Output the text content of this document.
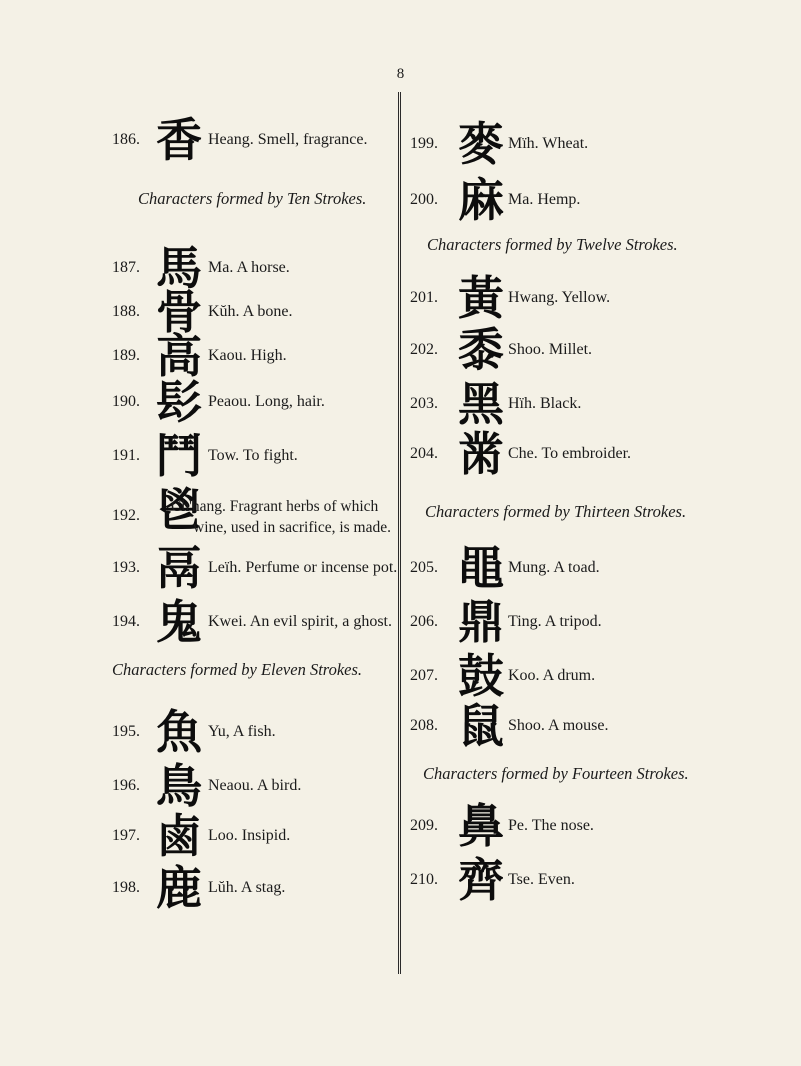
8
186. 香 Heang. Smell, fragrance.
Characters formed by Ten Strokes.
187. 馬 Ma. A horse.
188. 骨 Kŭh. A bone.
189. 高 Kaou. High.
190. 髟 Peaou. Long, hair.
191. 鬥 Tow. To fight.
192. 鬯
Ch'hang. Fragrant herbs of which
wine, used in sacrifice, is made.
193. 鬲 Leïh. Perfume or incense pot.
194. 鬼 Kwei. An evil spirit, a ghost.
Characters formed by Eleven Strokes.
195. 魚 Yu, A fish.
196. 鳥 Neaou. A bird.
197. 鹵 Loo. Insipid.
198. 鹿 Lŭh. A stag.
199. 麥 Mïh. Wheat.
200. 麻 Ma. Hemp.
Characters formed by Twelve Strokes.
201. 黃 Hwang. Yellow.
202. 黍 Shoo. Millet.
203. 黑 Hïh. Black.
204. 黹 Che. To embroider.
Characters formed by Thirteen Strokes.
205. 黽 Mung. A toad.
206. 鼎 Ting. A tripod.
207. 鼓 Koo. A drum.
208. 鼠 Shoo. A mouse.
Characters formed by Fourteen Strokes.
209. 鼻 Pe. The nose.
210. 齊 Tse. Even.
